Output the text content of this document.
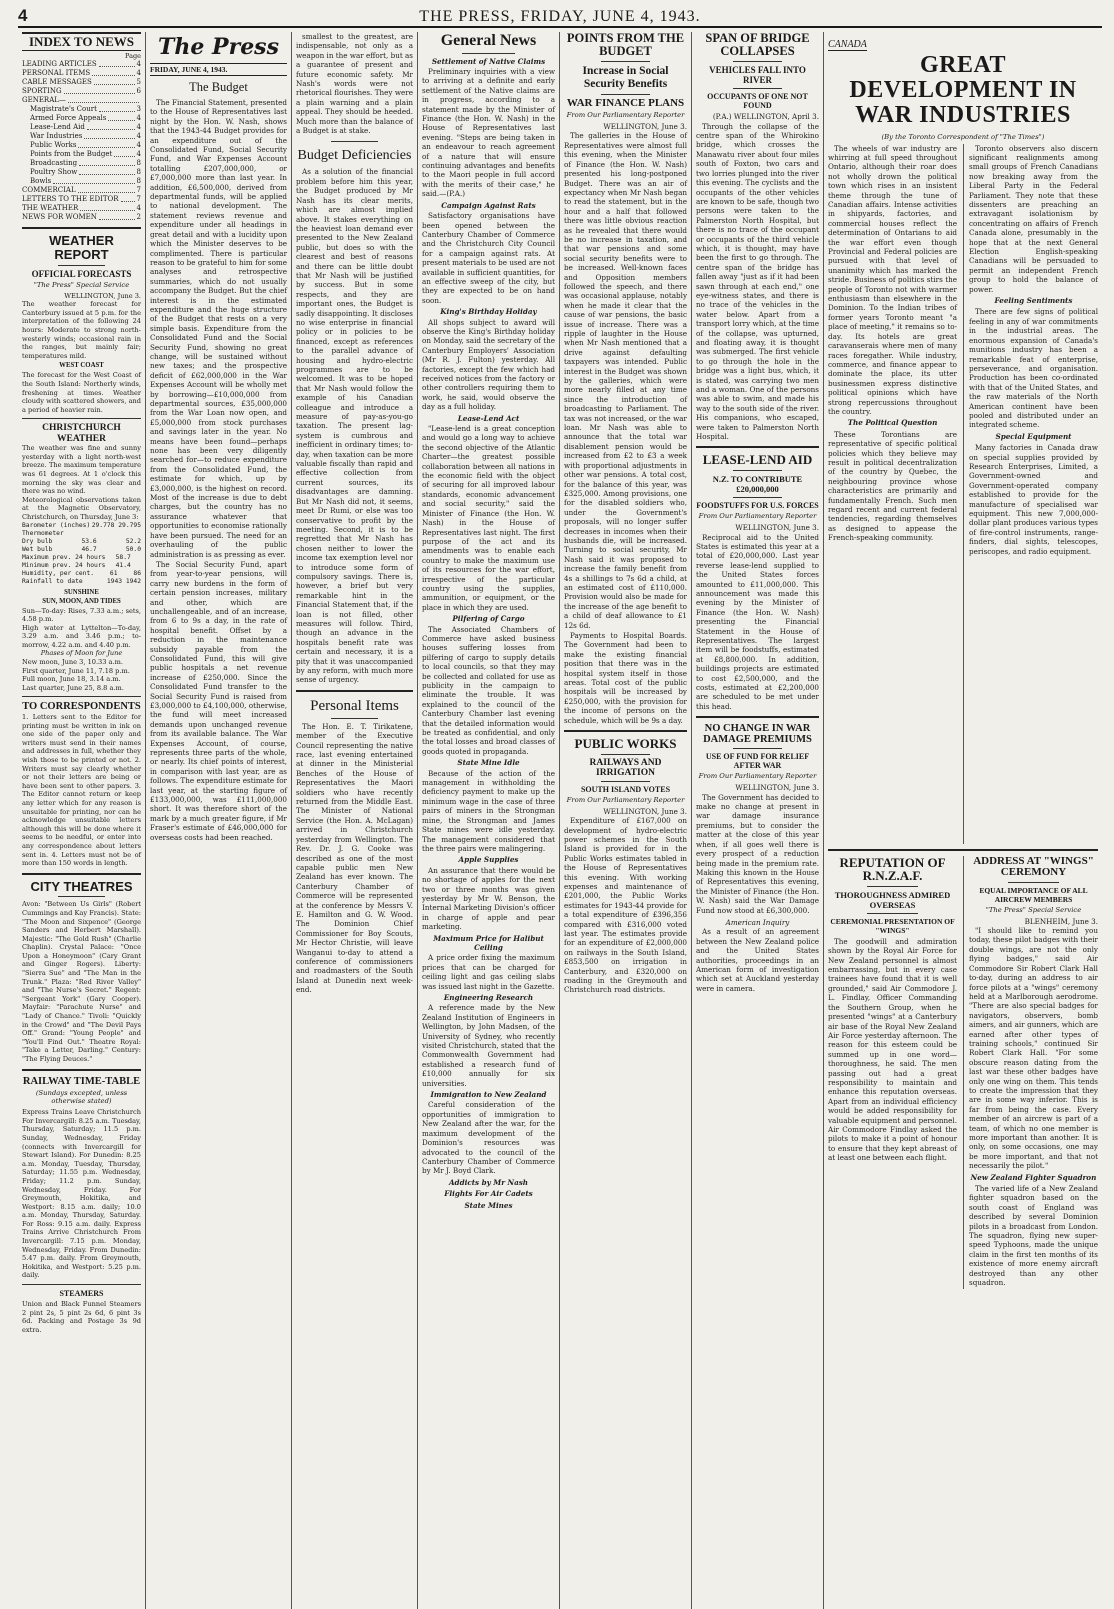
4	THE PRESS, FRIDAY, JUNE 4, 1943.
INDEX TO NEWS
Page
LEADING ARTICLES	4
PERSONAL ITEMS	4
CABLE MESSAGES	5
SPORTING	6
GENERAL—
Magistrate's Court	3
Armed Force Appeals	4
Lease-Lend Aid	4
War Industries	4
Public Works	4
Points from the Budget	4
Broadcasting	8
Poultry Show	8
Bowls	8
COMMERCIAL	7
LETTERS TO THE EDITOR	7
THE WEATHER	4
NEWS FOR WOMEN	2
WEATHER REPORT
OFFICIAL FORECASTS
"The Press" Special Service
WELLINGTON, June 3.
The weather forecast for Canterbury issued at 5 p.m. for the interpretation of the following 24 hours: Moderate to strong north-westerly winds; occasional rain in the ranges, but mainly fair; temperatures mild.
WEST COAST
The forecast for the West Coast of the South Island: Northerly winds, freshening at times. Weather cloudy with scattered showers, and a period of heavier rain.
CHRISTCHURCH WEATHER
The weather was fine and sunny yesterday with a light north-west breeze. The maximum temperature was 61 degrees. At 1 o'clock this morning the sky was clear and there was no wind.
Meteorological observations taken at the Magnetic Observatory, Christchurch, on Thursday, June 3:
Barometer (inches) 29.778 29.795
Thermometer
Dry bulb	53.6	52.2
Wet bulb	46.7	50.0
Maximum prev. 24 hours 58.7
Minimum prev. 24 hours 41.4
Humidity, per cent.	61	86
Rainfall to date	1943 1942
SUNSHINE
SUN, MOON, AND TIDES
Sun—To-day: Rises, 7.33 a.m.; sets, 4.58 p.m.
High water at Lyttelton—To-day, 3.29 a.m. and 3.46 p.m.; to-morrow, 4.22 a.m. and 4.40 p.m.
Phases of Moon for June
New moon, June 3, 10.33 a.m.
First quarter, June 11, 7.18 p.m.
Full moon, June 18, 3.14 a.m.
Last quarter, June 25, 8.8 a.m.
TO CORRESPONDENTS
1. Letters sent to the Editor for printing must be written in ink on one side of the paper only and writers must send in their names and addresses in full, whether they wish those to be printed or not. 2. Writers must say clearly whether or not their letters are being or have been sent to other papers. 3. The Editor cannot return or keep any letter which for any reason is unsuitable for printing, nor can he acknowledge unsuitable letters although this will be done where it seems to be needful, or enter into any correspondence about letters sent in. 4. Letters must not be of more than 150 words in length.
CITY THEATRES
Avon: "Between Us Girls" (Robert Cummings and Kay Francis). State: "The Moon and Sixpence" (George Sanders and Herbert Marshall). Majestic: "The Gold Rush" (Charlie Chaplin). Crystal Palace: "Once Upon a Honeymoon" (Cary Grant and Ginger Rogers). Liberty: "Sierra Sue" and "The Man in the Trunk." Plaza: "Red River Valley" and "The Nurse's Secret." Regent: "Sergeant York" (Gary Cooper). Mayfair: "Parachute Nurse" and "Lady of Chance." Tivoli: "Quickly in the Crowd" and "The Devil Pays Off." Grand: "Young People" and "You'll Find Out." Theatre Royal: "Take a Letter, Darling." Century: "The Flying Deuces."
RAILWAY TIME-TABLE
(Sundays excepted, unless otherwise stated)
Express Trains Leave Christchurch For Invercargill: 8.25 a.m. Tuesday, Thursday, Saturday; 11.5 p.m. Sunday, Wednesday, Friday (connects with Invercargill for Stewart Island). For Dunedin: 8.25 a.m. Monday, Tuesday, Thursday, Saturday; 11.55 p.m. Wednesday, Friday; 11.2 p.m. Sunday, Wednesday, Friday. For Greymouth, Hokitika, and Westport: 8.15 a.m. daily; 10.0 a.m. Monday, Thursday, Saturday. For Ross: 9.15 a.m. daily. Express Trains Arrive Christchurch From Invercargill: 7.15 p.m. Monday, Wednesday, Friday. From Dunedin: 5.47 p.m. daily. From Greymouth, Hokitika, and Westport: 5.25 p.m. daily.
STEAMERS
Union and Black Funnel Steamers 2 pint 2s, 5 pint 2s 6d, 6 pint 3s 6d. Packing and Postage 3s 9d extra.
The Press
FRIDAY, JUNE 4, 1943.
The Budget

The Financial Statement, presented to the House of Representatives last night by the Hon. W. Nash, shows that the 1943-44 Budget provides for an expenditure out of the Consolidated Fund, Social Security Fund, and War Expenses Account totalling £207,000,000, or £7,000,000 more than last year. In addition, £6,500,000, derived from departmental funds, will be applied to national development. The statement reviews revenue and expenditure under all headings in great detail and with a lucidity upon which the Minister deserves to be complimented. There is particular reason to be grateful to him for some analyses and retrospective summaries, which do not usually accompany the Budget. But the chief interest is in the estimated expenditure and the huge structure of the Budget that rests on a very simple basis. Expenditure from the Consolidated Fund and the Social Security Fund, showing no great change, will be sustained without new taxes; and the prospective deficit of £62,000,000 in the War Expenses Account will be wholly met by borrowing—£10,000,000 from departmental sources, £35,000,000 from the War Loan now open, and £5,000,000 from stock purchases and savings later in the year. No means have been found—perhaps none has been very diligently searched for—to reduce expenditure from the Consolidated Fund, the estimate for which, up by £3,000,000, is the highest on record. Most of the increase is due to debt charges, but the country has no assurance whatever that opportunities to economise rationally have been pursued. The need for an overhauling of the public administration is as pressing as ever.

The Social Security Fund, apart from year-to-year pensions, will carry new burdens in the form of certain pension increases, military and other, which are unchallengeable, and of an increase, from 6 to 9s a day, in the rate of hospital benefit. Offset by a reduction in the maintenance subsidy payable from the Consolidated Fund, this will give public hospitals a net revenue increase of £250,000. Since the Consolidated Fund transfer to the Social Security Fund is raised from £3,000,000 to £4,100,000, otherwise, the fund will meet increased demands upon unchanged revenue from its available balance. The War Expenses Account, of course, represents three parts of the whole, or nearly. Its chief points of interest, in comparison with last year, are as follows. The expenditure estimate for last year, at the starting figure of £133,000,000, was £111,000,000 short. It was therefore short of the mark by a much greater figure, if Mr Fraser's estimate of £46,000,000 for overseas costs had been reached.

smallest to the greatest, are indispensable, not only as a weapon in the war effort, but as a guarantee of present and future economic safety. Mr Nash's words were not rhetorical flourishes. They were a plain warning and a plain appeal. They should be heeded. Much more than the balance of a Budget is at stake.

Budget Deficiencies

As a solution of the financial problem before him this year, the Budget produced by Mr Nash has its clear merits, which are almost implied above. It stakes everything on the heaviest loan demand ever presented to the New Zealand public, but does so with the clearest and best of reasons and there can be little doubt that Mr Nash will be justified by success. But in some respects, and they are important ones, the Budget is sadly disappointing. It discloses no wise enterprise in financial policy or in policies to be financed, except as references to the parallel advance of housing and hydro-electric programmes are to be welcomed. It was to be hoped that Mr Nash would follow the example of his Canadian colleague and introduce a measure of pay-as-you-go taxation. The present lag-system is cumbrous and inefficient in ordinary times; to-day, when taxation can be more valuable fiscally than rapid and effective collection from current sources, its disadvantages are damning. But Mr Nash did not, it seems, meet Dr Rumi, or else was too conservative to profit by the meeting. Second, it is to be regretted that Mr Nash has chosen neither to lower the income tax exemption level nor to introduce some form of compulsory savings. There is, however, a brief but very remarkable hint in the Financial Statement that, if the loan is not filled, other measures will follow. Third, though an advance in the hospitals benefit rate was certain and necessary, it is a pity that it was unaccompanied by any reform, with much more sense of urgency.

Personal Items

The Hon. E. T. Tirikatene, member of the Executive Council representing the native race, last evening entertained at dinner in the Ministerial Benches of the House of Representatives the Maori soldiers who have recently returned from the Middle East. The Minister of National Service (the Hon. A. McLagan) arrived in Christchurch yesterday from Wellington. The Rev. Dr. J. G. Cooke was described as one of the most capable public men New Zealand has ever known. The Canterbury Chamber of Commerce will be represented at the conference by Messrs V. E. Hamilton and G. W. Wood. The Dominion Chief Commissioner for Boy Scouts, Mr Hector Christie, will leave Wanganui to-day to attend a conference of commissioners and roadmasters of the South Island at Dunedin next week-end.

General News
Settlement of Native Claims
Preliminary inquiries with a view to arriving at a definite and early settlement of the Native claims are in progress, according to a statement made by the Minister of Finance (the Hon. W. Nash) in the House of Representatives last evening. "Steps are being taken in an endeavour to reach agreement of a nature that will ensure continuing advantages and benefits to the Maori people in full accord with the merits of their case," he said.—(P.A.)
Campaign Against Rats
Satisfactory organisations have been opened between the Canterbury Chamber of Commerce and the Christchurch City Council for a campaign against rats. At present materials to be used are not available in sufficient quantities, for an effective sweep of the city, but they are expected to be on hand soon.
King's Birthday Holiday
All shops subject to award will observe the King's Birthday holiday on Monday, said the secretary of the Canterbury Employers' Association (Mr R. J. Fulton) yesterday. All factories, except the few which had received notices from the factory or other controllers requiring them to work, he said, would observe the day as a full holiday.
Lease-Lend Act
"Lease-lend is a great conception and would go a long way to achieve the second objective of the Atlantic Charter—the greatest possible collaboration between all nations in the economic field with the object of securing for all improved labour standards, economic advancement and social security," said the Minister of Finance (the Hon. W. Nash) in the House of Representatives last night. The first purpose of the act and its amendments was to enable each country to make the maximum use of its resources for the war effort, irrespective of the particular country using the supplies, ammunition, or equipment, or the place in which they are used.
Pilfering of Cargo
The Associated Chambers of Commerce have asked business houses suffering losses from pilfering of cargo to supply details to local councils, so that they may be collected and collated for use as publicity in the campaign to eliminate the trouble. It was explained to the council of the Canterbury Chamber last evening that the detailed information would be treated as confidential, and only the total losses and broad classes of goods quoted in propaganda.
State Mine Idle
Because of the action of the management in withholding the deficiency payment to make up the minimum wage in the case of three pairs of miners in the Strongman mine, the Strongman and James State mines were idle yesterday. The management considered that the three pairs were malingering.
Apple Supplies
An assurance that there would be no shortage of apples for the next two or three months was given yesterday by Mr W. Benson, the Internal Marketing Division's officer in charge of apple and pear marketing.
Maximum Price for Halibut Ceiling
A price order fixing the maximum prices that can be charged for ceiling light and gas ceiling slabs was issued last night in the Gazette.
Engineering Research
A reference made by the New Zealand Institution of Engineers in Wellington, by John Madsen, of the University of Sydney, who recently visited Christchurch, stated that the Commonwealth Government had established a research fund of £10,000 annually for six universities.
Immigration to New Zealand
Careful consideration of the opportunities of immigration to New Zealand after the war, for the maximum development of the Dominion's resources was advocated to the council of the Canterbury Chamber of Commerce by Mr J. Boyd Clark.
Addicts by Mr Nash
Flights For Air Cadets
State Mines
POINTS FROM THE BUDGET
Increase in Social Security Benefits
WAR FINANCE PLANS
From Our Parliamentary Reporter
WELLINGTON, June 3.

The galleries in the House of Representatives were almost full this evening, when the Minister of Finance (the Hon. W. Nash) presented his long-postponed Budget. There was an air of expectancy when Mr Nash began to read the statement, but in the hour and a half that followed there was little obvious reaction as he revealed that there would be no increase in taxation, and that war pensions and some social security benefits were to be increased. Well-known faces and Opposition members followed the speech, and there was occasional applause, notably when he made it clear that the cause of war pensions, the basic issue of increase. There was a ripple of laughter in the House when Mr Nash mentioned that a drive against defaulting taxpayers was intended. Public interest in the Budget was shown by the galleries, which were more nearly filled at any time since the introduction of broadcasting to Parliament. The tax was not increased, or the war loan. Mr Nash was able to announce that the total war disablement pension would be increased from £2 to £3 a week with proportional adjustments in other war pensions. A total cost, for the balance of this year, was £325,000. Among provisions, one for the disabled soldiers who, under the Government's proposals, will no longer suffer decreases in incomes when their husbands die, will be increased. Turning to social security, Mr Nash said it was proposed to increase the family benefit from 4s a shillings to 7s 6d a child, at an estimated cost of £110,000. Provision would also be made for the increase of the age benefit to a child of deaf allowance to £1 12s 6d.

Payments to Hospital Boards. The Government had been to make the existing financial position that there was in the hospital system itself in those areas. Total cost of the public hospitals will be increased by £250,000, with the provision for the income of persons on the schedule, which will be 9s a day.

PUBLIC WORKS
RAILWAYS AND IRRIGATION
SOUTH ISLAND VOTES
From Our Parliamentary Reporter
WELLINGTON, June 3.

Expenditure of £167,000 on development of hydro-electric power schemes in the South Island is provided for in the Public Works estimates tabled in the House of Representatives this evening. With working expenses and maintenance of £201,000, the Public Works estimates for 1943-44 provide for a total expenditure of £396,356 compared with £316,000 voted last year. The estimates provide for an expenditure of £2,000,000 on railways in the South Island, £853,500 on irrigation in Canterbury, and £320,000 on roading in the Greymouth and Christchurch road districts.

SPAN OF BRIDGE COLLAPSES
VEHICLES FALL INTO RIVER
OCCUPANTS OF ONE NOT FOUND
(P.A.) WELLINGTON, April 3.

Through the collapse of the centre span of the Whirokino bridge, which crosses the Manawatu river about four miles south of Foxton, two cars and two lorries plunged into the river this evening. The cyclists and the occupants of the other vehicles are known to be safe, though two persons were taken to the Palmerston North Hospital, but there is no trace of the occupant or occupants of the third vehicle which, it is thought, may have been the first to go through. The centre span of the bridge has fallen away "just as if it had been sawn through at each end," one eye-witness states, and there is no trace of the vehicles in the water below. Apart from a transport lorry which, at the time of the collapse, was upturned, and floating away, it is thought was submerged. The first vehicle to go through the hole in the bridge was a light bus, which, it is stated, was carrying two men and a woman. One of the persons was able to swim, and made his way to the south side of the river. His companions, who escaped, were taken to Palmerston North Hospital.

LEASE-LEND AID
N.Z. TO CONTRIBUTE £20,000,000
FOODSTUFFS FOR U.S. FORCES
From Our Parliamentary Reporter
WELLINGTON, June 3.

Reciprocal aid to the United States is estimated this year at a total of £20,000,000. Last year reverse lease-lend supplied to the United States forces amounted to £11,000,000. This announcement was made this evening by the Minister of Finance (the Hon. W. Nash) presenting the Financial Statement in the House of Representatives. The largest item will be foodstuffs, estimated at £8,800,000. In addition, buildings projects are estimated to cost £2,500,000, and the costs, estimated at £2,200,000 are scheduled to be met under this head.

NO CHANGE IN WAR DAMAGE PREMIUMS
USE OF FUND FOR RELIEF AFTER WAR
From Our Parliamentary Reporter
WELLINGTON, June 3.

The Government has decided to make no change at present in war damage insurance premiums, but to consider the matter at the close of this year when, if all goes well there is every prospect of a reduction being made in the premium rate. Making this known in the House of Representatives this evening, the Minister of Finance (the Hon. W. Nash) said the War Damage Fund now stood at £6,300,000.

American Inquiry

As a result of an agreement between the New Zealand police and the United States authorities, proceedings in an American form of investigation which set at Auckland yesterday were in camera.

CANADA
GREAT DEVELOPMENT IN WAR INDUSTRIES
(By the Toronto Correspondent of "The Times")

The wheels of war industry are whirring at full speed throughout Ontario, although their roar does not wholly drown the political town which rises in an insistent theme through the tune of Canadian affairs. Intense activities in shipyards, factories, and commercial houses reflect the determination of Ontarians to aid the war effort even though Provincial and Federal policies are pursued with that level of unanimity which has marked the stride. Business of politics stirs the people of Toronto not with warmer enthusiasm than elsewhere in the Dominion. To the Indian tribes of former years Toronto meant "a place of meeting," it remains so to-day. Its hotels are great caravanserais where men of many races foregather. While industry, commerce, and finance appear to dominate the place, its utter businessmen express distinctive political opinions which have strong repercussions throughout the country.

The Political Question

These Torontians are representative of specific political policies which they believe may result in political decentralization of the country by Quebec, the neighbouring province whose characteristics are primarily and fundamentally French. Such men regard recent and current federal tendencies, regarding themselves as designed to appease the French-speaking community.

Toronto observers also discern significant realignments among small groups of French Canadians now breaking away from the Liberal Party in the Federal Parliament. They note that these dissenters are preaching an extravagant isolationism by concentrating on affairs of French Canada alone, presumably in the hope that at the next General Election English-speaking Canadians will be persuaded to permit an independent French group to hold the balance of power.

Feeling Sentiments

There are few signs of political feeling in any of war commitments in the industrial areas. The enormous expansion of Canada's munitions industry has been a remarkable feat of enterprise, perseverance, and organisation. Production has been co-ordinated with that of the United States, and the raw materials of the North American continent have been pooled and distributed under an integrated scheme.

Special Equipment

Many factories in Canada draw on special supplies provided by Research Enterprises, Limited, a Government-owned and Government-operated company established to provide for the manufacture of specialised war equipment. This new 7,000,000-dollar plant produces various types of fire-control instruments, range-finders, dial sights, telescopes, periscopes, and radio equipment.

REPUTATION OF R.N.Z.A.F.
THOROUGHNESS ADMIRED OVERSEAS
CEREMONIAL PRESENTATION OF "WINGS"

The goodwill and admiration shown by the Royal Air Force for New Zealand personnel is almost embarrassing, but in every case trainees have found that it is well grounded," said Air Commodore J. L. Findlay, Officer Commanding the Southern Group, when he presented "wings" at a Canterbury air base of the Royal New Zealand Air Force yesterday afternoon. The reason for this esteem could be summed up in one word—thoroughness, he said. The men passing out had a great responsibility to maintain and enhance this reputation overseas. Apart from an individual efficiency would be added responsibility for valuable equipment and personnel. Air Commodore Findlay asked the pilots to make it a point of honour to ensure that they kept abreast of at least one between each flight.

ADDRESS AT "WINGS" CEREMONY
EQUAL IMPORTANCE OF ALL AIRCREW MEMBERS
"The Press" Special Service
BLENHEIM, June 3.

"I should like to remind you today, these pilot badges with their double wings, are not the only flying badges," said Air Commodore Sir Robert Clark Hall to-day, during an address to air force pilots at a "wings" ceremony held at a Marlborough aerodrome. "There are also special badges for navigators, observers, bomb aimers, and air gunners, which are earned after other types of training schools," continued Sir Robert Clark Hall. "For some obscure reason dating from the last war these other badges have only one wing on them. This tends to create the impression that they are in some way inferior. This is far from being the case. Every member of an aircrew is part of a team, of which no one member is more important than another. It is only, on some occasions, one may be more important, and that not necessarily the pilot."

New Zealand Fighter Squadron

The varied life of a New Zealand fighter squadron based on the south coast of England was described by several Dominion pilots in a broadcast from London. The squadron, flying new super-speed Typhoons, made the unique claim in the first ten months of its existence of more enemy aircraft destroyed than any other squadron.
